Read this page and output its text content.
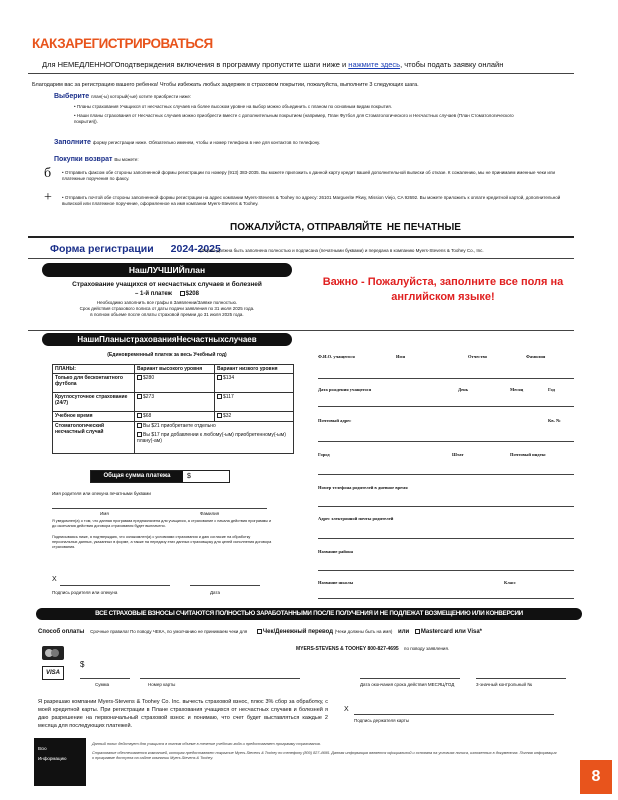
КАКЗАРЕГИСТРИРОВАТЬСЯ
Для НЕМЕДЛЕННОГОподтверждения включения в программу пропустите шаги ниже и нажмите здесь, чтобы подать заявку онлайн
Благодарим вас за регистрацию вашего ребенка! Чтобы избежать любых задержек в страховом покрытии, пожалуйста, выполните 3 следующих шага.
Выберите план(-ы) который(-ые) хотите приобрести ниже:
• Планы страхования Учащихся от несчастных случаев на более высоком уровне на выбор можно объединить с планом по основным видам покрытия.
• Наши планы страхования от Несчастных случаев можно приобрести вместе с дополнительным покрытием (например, План Футбол для Стоматологического и Несчастных случаев (План Стоматологического покрытия)).
Заполните форму регистрации ниже. Обязательно именем, чтобы и номер телефона в нее для контактов по телефону.
Покупки возврат Вы можете:
б • Отправить факсом обе стороны заполненной формы регистрации по номеру (913) 383-2035. Вы можете приложить к данной карту кредит вашей дополнительной выписки об отказе. К сожалению, мы не принимаем именные чеки или платежные поручения по факсу.
+ • Отправить почтой обе стороны заполненной формы регистрации на адрес компании Myers-Stevens & Toohey по адресу: 26101 Marguerite Pkwy, Mission Viejo, CA 92692. Вы можете приложить к оплате кредитной картой, дополнительной выпиской или платежное поручение, оформленное на имя компании Myers-Stevens & Toohey.
ПОЖАЛУЙСТА, ОТПРАВЛЯЙТЕ НЕ ПЕЧАТНЫЕ
Форма регистрации 2024-2025
(Форма должна быть заполнена полностью и подписана (печатными буквами) и передана в компанию Myers-Stevens & Toohey Co., Inc.
НашЛУЧШИЙплан
Страхование учащихся от несчастных случаев и болезней
– 1-й платеж $208
Необходимо заполнить все графы в Заявлении/Заявке полностью.
Срок действия страхового полиса от даты подачи заявления по 31 июля 2025 года.
в полном объеме после оплаты страховой премии до 31 июля 2025 года.
Важно - Пожалуйста, заполните все поля на английском языке!
НашиПланыстрахованияНесчастныхслучаев
(Единовременный платеж за весь Учебный год)
ПЛАНЫ:	Вариант высокого уровня	Вариант низкого уровня
Только для бесконтактного футбола	$280	$134
Круглосуточное страхование (24/7)	$273	$117
Учебное время	$68	$32
Стоматологический несчастный случай	Вы $21 приобретаете отдельно
Вы $17 при добавлении к любому(-ым) приобретенному(-ым) плану(-ам)	
Общая сумма платежа	$
Имя родителя или опекуна печатными буквами
Имя	Фамилия
Я уведомлен(а) о том, что данная программа предназначена для учащихся, а страхование с начала действия программы и до окончания действия договора страхования будет выплачено.
Подписываясь ниже, я подтверждаю, что ознакомлен(а) с условиями страхования и даю согласие на обработку персональных данных, указанных в форме, а также на передачу этих данных страховщику для целей исполнения договора страхования.
X
Подпись родителя или опекуна	Дата
Ф.И.О. учащегося	Имя	Отчество	Фамилия
Дата рождения учащегося	День	Месяц	Год
Почтовый адрес	Кв. №
Город	Штат	Почтовый индекс
Номер телефона родителей в дневное время
Адрес электронной почты родителей
Название района
Название школы	Класс
ВСЕ СТРАХОВЫЕ ВЗНОСЫ СЧИТАЮТСЯ ПОЛНОСТЬЮ ЗАРАБОТАННЫМИ ПОСЛЕ ПОЛУЧЕНИЯ И НЕ ПОДЛЕЖАТ ВОЗМЕЩЕНИЮ ИЛИ КОНВЕРСИИ
Способ оплаты Срочные правила! По поводу ЧЕКА, по умолчанию не принимаем чеки для	Чек/Денежный перевод (Чеки должны быть на имя) или Mastercard или Visa*
MYERS-STEVENS & TOOHEY 800-827-4695 по поводу заявления.
VISA
$
Сумма	Номер карты	Дата окончания срока действия МЕСЯЦ/ГОД	3-значный контрольный №
Я разрешаю компании Myers-Stevens & Toohey Co. Inc. вычесть страховой взнос, плюс 3% сбор за обработку, с моей кредитной карты. При регистрации в Плане страхования учащихся от несчастных случаев и болезней я даю разрешение на первоначальный страховой взнос и понимаю, что счет будет выставляться каждые 2 месяца для последующих платежей.
X
Подпись держателя карты
Всю
Информацию
Данный полис действует для учащихся в полном объеме в течение учебного года и предоставляет программу страхования.
Страхование обеспечивается компанией, которая предоставляет покрытие Myers-Stevens & Toohey по телефону (800) 827-4695. Данная информация является официальной и основана на условиях полиса, изложенных в документах. Полная информация о программе доступна на сайте компании Myers-Stevens & Toohey.
8
